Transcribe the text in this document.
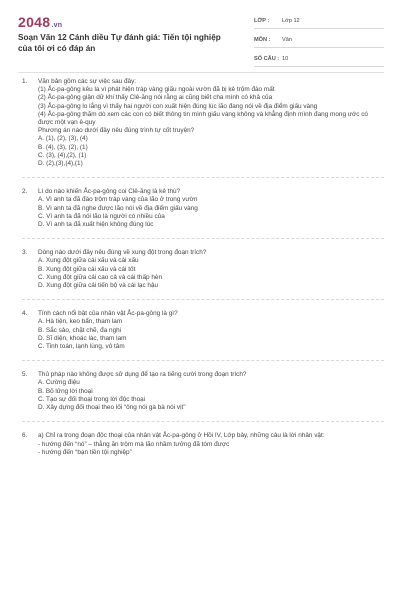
2048.vn
Soạn Văn 12 Cánh diều Tự đánh giá: Tiến tội nghiệp của tôi ơi có đáp án
LỚP :	Lớp 12
MÔN :	Văn
SỐ CÂU : 10
1.	Văn bản gồm các sự việc sau đây:
(1) Ắc-pa-gông kêu la vì phát hiện tráp vàng giấu ngoài vườn đã bị kẻ trộm đào mất
(2) Ắc-pa-gông giận dữ khi thấy Clê-ăng nói rằng ai cũng biết cha mình có khả của
(3) Ắc-pa-gông lo lắng vì thấy hai người con xuất hiện đúng lúc lão đang nói về địa điểm giấu vàng
(4) Ắc-pa-gông thăm dò xem các con có biết thông tin mình giấu vàng không và khẳng định mình đang mong ước có được một vạn ê-quy
Phương án nào dưới đây nêu đúng trình tự cốt truyện?
A. (1), (2), (3), (4)
B. (4), (3), (2), (1)
C. (3), (4),(2), (1)
D. (2),(3),(4),(1)
2.	Lí do nào khiến Ắc-pa-gông coi Clê-ăng là kẻ thù?
A. Vì anh ta đã đào trộm tráp vàng của lão ở trong vườn
B. Vì anh ta đã nghe được lão nói về địa điểm giấu vàng
C. Vì anh ta đã nói lão là người có nhiều của
D. Vì anh ta đã xuất hiện không đúng lúc
3.	Dòng nào dưới đây nêu đúng về xung đột trong đoạn trích?
A. Xung đột giữa cái xấu và cái xấu
B. Xung đột giữa cái xấu và cái tốt
C. Xung đột giữa cái cao cả và cái thấp hèn
D. Xung đột giữa cái tiến bộ và cái lạc hậu
4.	Tính cách nổi bật của nhân vật Ắc-pa-gông là gì?
A. Hà tiện, keo bẩn, tham lam
B. Sắc sảo, chặt chẽ, đa nghi
D. Sĩ diện, khoác lác, tham lam
C. Tinh toán, lạnh lùng, vô tâm
5.	Thủ pháp nào không được sử dụng để tạo ra tiếng cười trong đoạn trích?
A. Cường điệu
B. Bỏ lửng lời thoại
C. Tạo sự đối thoại trong lời độc thoại
D. Xây dựng đối thoại theo lối “ông nói gà bà nói vịt”
6.	a) Chỉ ra trong đoạn độc thoại của nhân vật Ắc-pa-gông ở Hồi IV, Lớp bảy, những câu là lời nhân vật:
- hướng đến “nó” – thằng ăn trộm mà lão nhầm tưởng đã tóm được
- hướng đến “bạn tiền tội nghiệp”
